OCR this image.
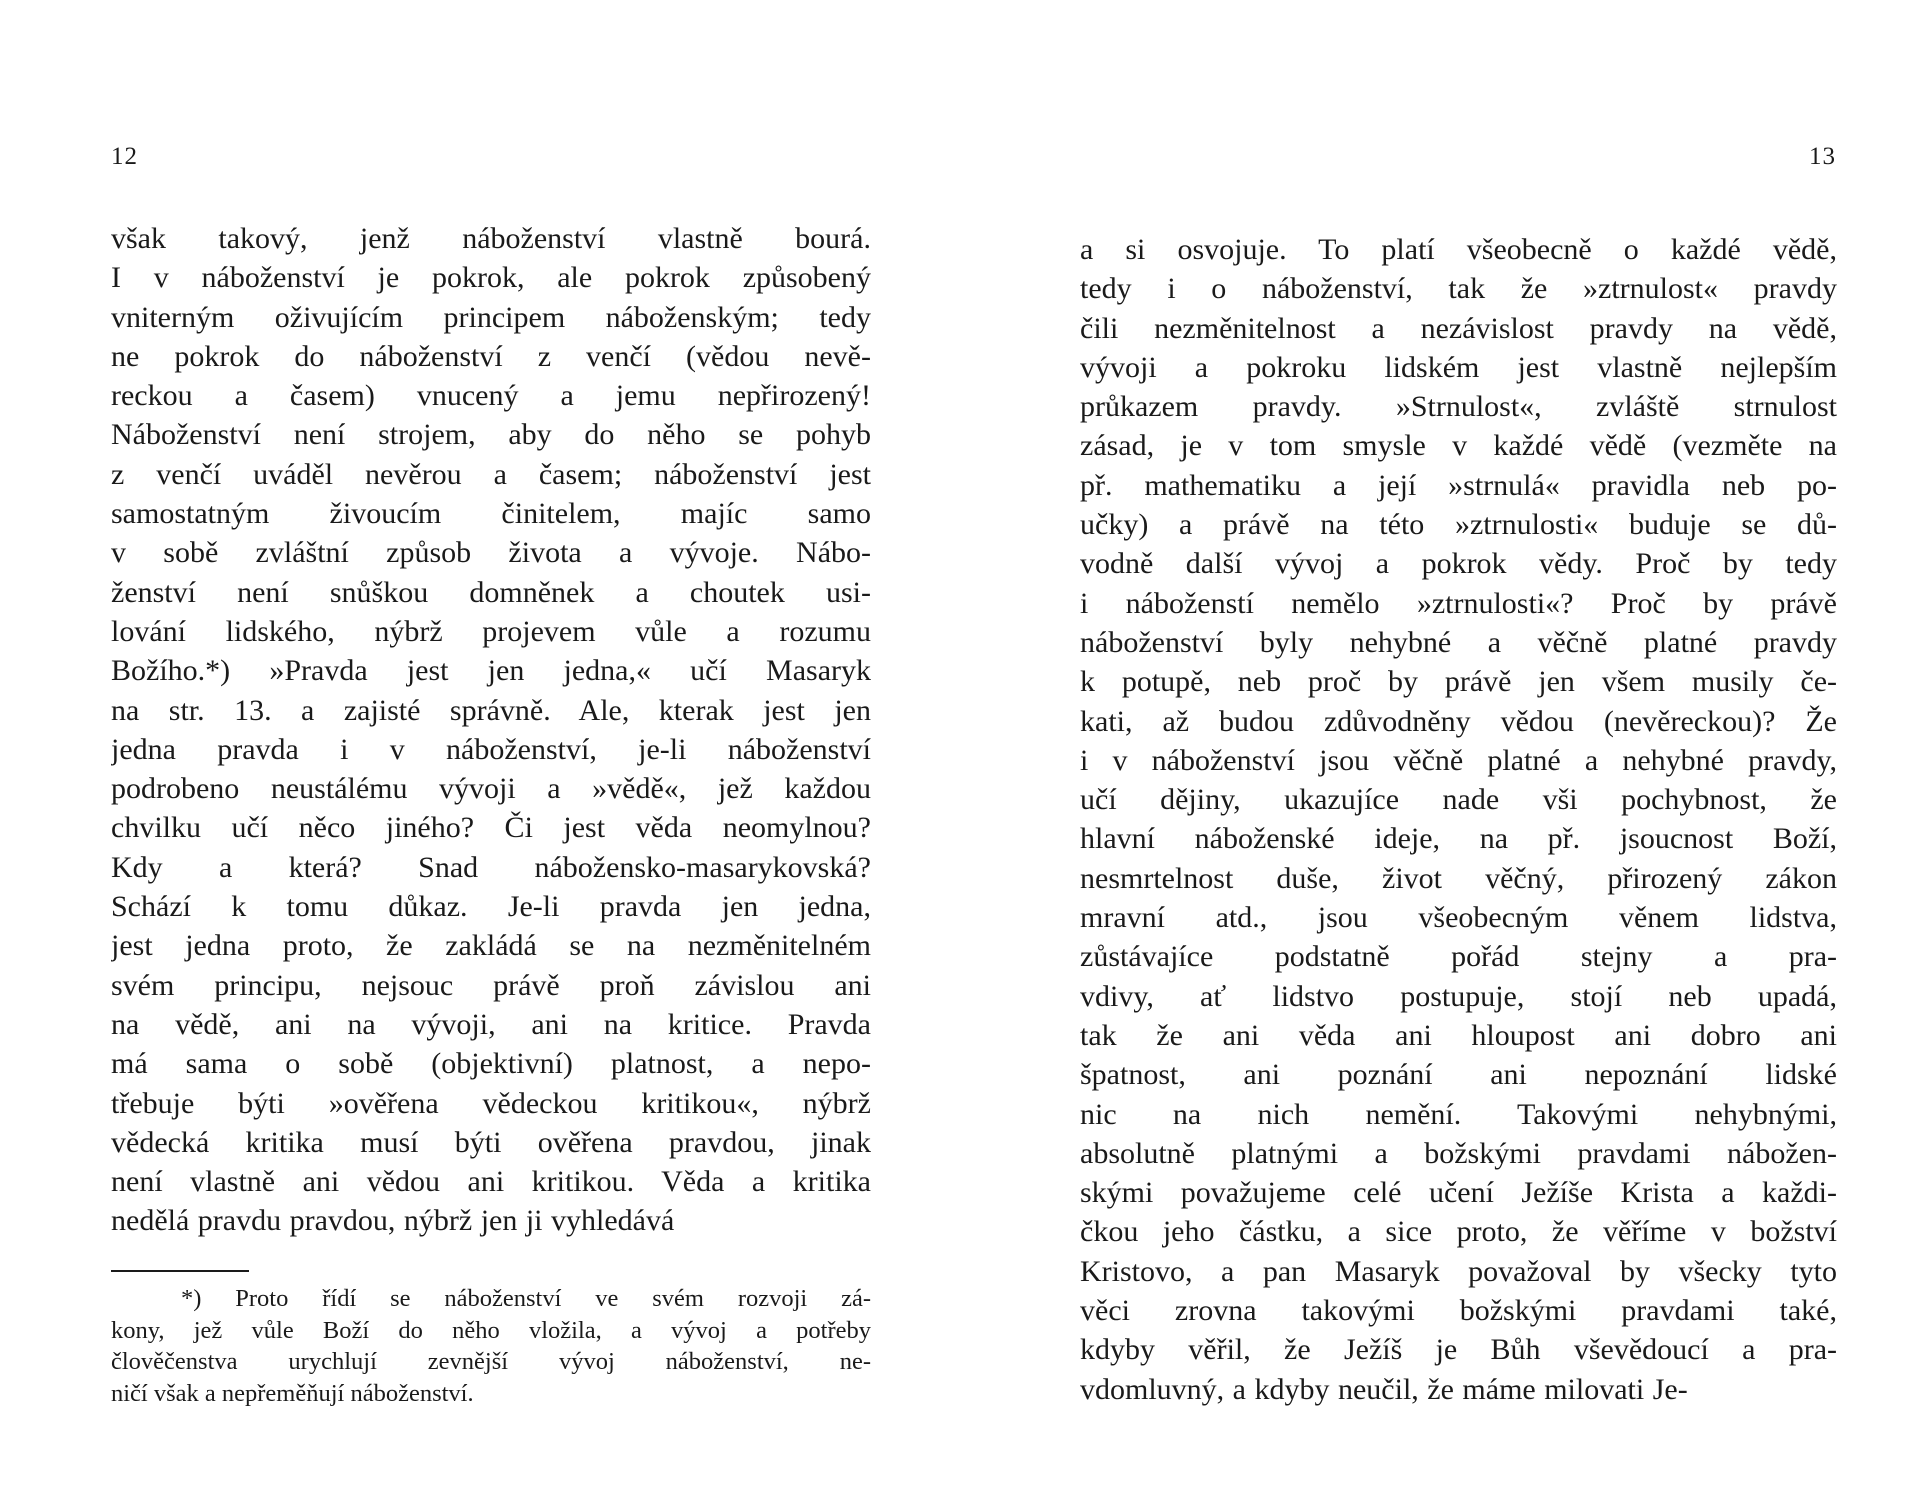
12
však takový, jenž náboženství vlastně bourá.
I v náboženství je pokrok, ale pokrok způsobený
vniterným oživujícím principem náboženským; tedy
ne pokrok do náboženství z venčí (vědou nevě-
reckou a časem) vnucený a jemu nepřirozený!
Náboženství není strojem, aby do něho se pohyb
z venčí uváděl nevěrou a časem; náboženství jest
samostatným živoucím činitelem, majíc samo
v sobě zvláštní způsob života a vývoje. Nábo-
ženství není snůškou domněnek a choutek usi-
lování lidského, nýbrž projevem vůle a rozumu
Božího.*) »Pravda jest jen jedna,« učí Masaryk
na str. 13. a zajisté správně. Ale, kterak jest jen
jedna pravda i v náboženství, je-li náboženství
podrobeno neustálému vývoji a »vědě«, jež každou
chvilku učí něco jiného? Či jest věda neomylnou?
Kdy a která? Snad nábožensko-masarykovská?
Schází k tomu důkaz. Je-li pravda jen jedna,
jest jedna proto, že zakládá se na nezměnitelném
svém principu, nejsouc právě proň závislou ani
na vědě, ani na vývoji, ani na kritice. Pravda
má sama o sobě (objektivní) platnost, a nepo-
třebuje býti »ověřena vědeckou kritikou«, nýbrž
vědecká kritika musí býti ověřena pravdou, jinak
není vlastně ani vědou ani kritikou. Věda a kritika
nedělá pravdu pravdou, nýbrž jen ji vyhledává
*) Proto řídí se náboženství ve svém rozvoji zá-
kony, jež vůle Boží do něho vložila, a vývoj a potřeby
člověčenstva urychlují zevnější vývoj náboženství, ne-
ničí však a nepřeměňují náboženství.
13
a si osvojuje. To platí všeobecně o každé vědě,
tedy i o náboženství, tak že »ztrnulost« pravdy
čili nezměnitelnost a nezávislost pravdy na vědě,
vývoji a pokroku lidském jest vlastně nejlepším
průkazem pravdy. »Strnulost«, zvláště strnulost
zásad, je v tom smysle v každé vědě (vezměte na
př. mathematiku a její »strnulá« pravidla neb po-
učky) a právě na této »ztrnulosti« buduje se dů-
vodně další vývoj a pokrok vědy. Proč by tedy
i náboženstí nemělo »ztrnulosti«? Proč by právě
náboženství byly nehybné a věčně platné pravdy
k potupě, neb proč by právě jen všem musily če-
kati, až budou zdůvodněny vědou (nevěreckou)? Že
i v náboženství jsou věčně platné a nehybné pravdy,
učí dějiny, ukazujíce nade vši pochybnost, že
hlavní náboženské ideje, na př. jsoucnost Boží,
nesmrtelnost duše, život věčný, přirozený zákon
mravní atd., jsou všeobecným věnem lidstva,
zůstávajíce podstatně pořád stejny a pra-
vdivy, ať lidstvo postupuje, stojí neb upadá,
tak že ani věda ani hloupost ani dobro ani
špatnost, ani poznání ani nepoznání lidské
nic na nich nemění. Takovými nehybnými,
absolutně platnými a božskými pravdami nábožen-
skými považujeme celé učení Ježíše Krista a každi-
čkou jeho částku, a sice proto, že věříme v božství
Kristovo, a pan Masaryk považoval by všecky tyto
věci zrovna takovými božskými pravdami také,
kdyby věřil, že Ježíš je Bůh vševědoucí a pra-
vdomluvný, a kdyby neučil, že máme milovati Je-
